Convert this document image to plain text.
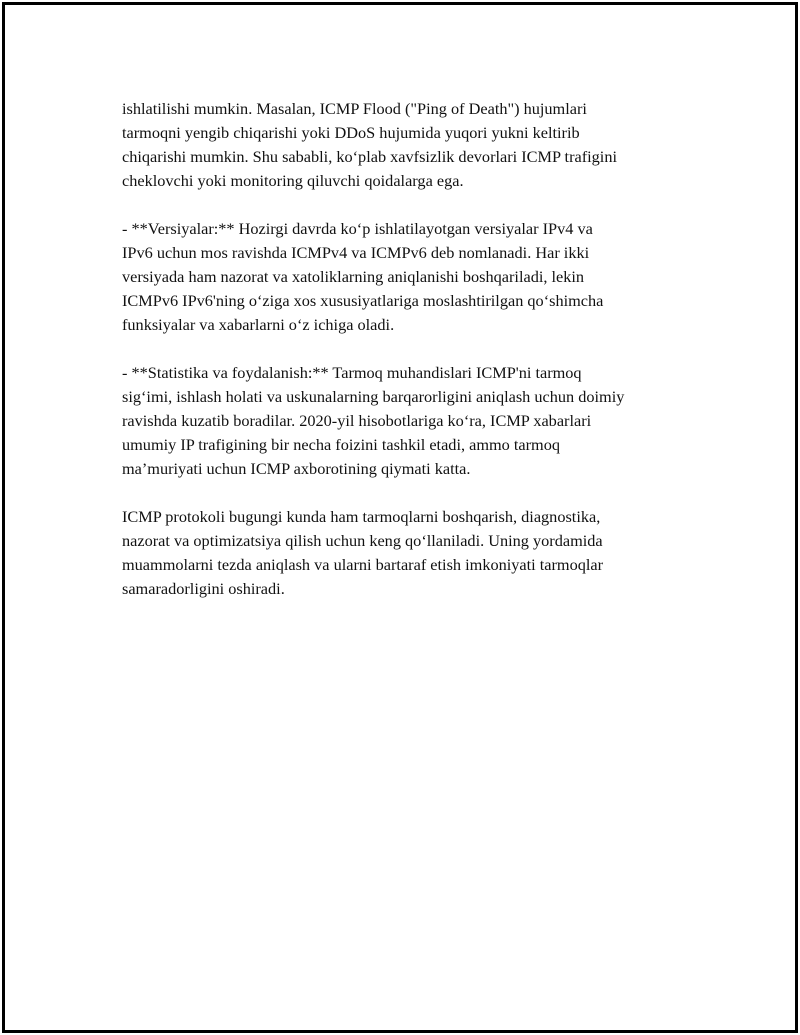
ishlatilishi mumkin. Masalan, ICMP Flood ("Ping of Death") hujumlari
tarmoqni yengib chiqarishi yoki DDoS hujumida yuqori yukni keltirib
chiqarishi mumkin. Shu sababli, koʻplab xavfsizlik devorlari ICMP trafigini
cheklovchi yoki monitoring qiluvchi qoidalarga ega.

- **Versiyalar:** Hozirgi davrda koʻp ishlatilayotgan versiyalar IPv4 va
IPv6 uchun mos ravishda ICMPv4 va ICMPv6 deb nomlanadi. Har ikki
versiyada ham nazorat va xatoliklarning aniqlanishi boshqariladi, lekin
ICMPv6 IPv6'ning oʻziga xos xususiyatlariga moslashtirilgan qoʻshimcha
funksiyalar va xabarlarni oʻz ichiga oladi.

- **Statistika va foydalanish:** Tarmoq muhandislari ICMP'ni tarmoq
sigʻimi, ishlash holati va uskunalarning barqarorligini aniqlash uchun doimiy
ravishda kuzatib boradilar. 2020-yil hisobotlariga koʻra, ICMP xabarlari
umumiy IP trafigining bir necha foizini tashkil etadi, ammo tarmoq
maʼmuriyati uchun ICMP axborotining qiymati katta.

ICMP protokoli bugungi kunda ham tarmoqlarni boshqarish, diagnostika,
nazorat va optimizatsiya qilish uchun keng qoʻllaniladi. Uning yordamida
muammolarni tezda aniqlash va ularni bartaraf etish imkoniyati tarmoqlar
samaradorligini oshiradi.
